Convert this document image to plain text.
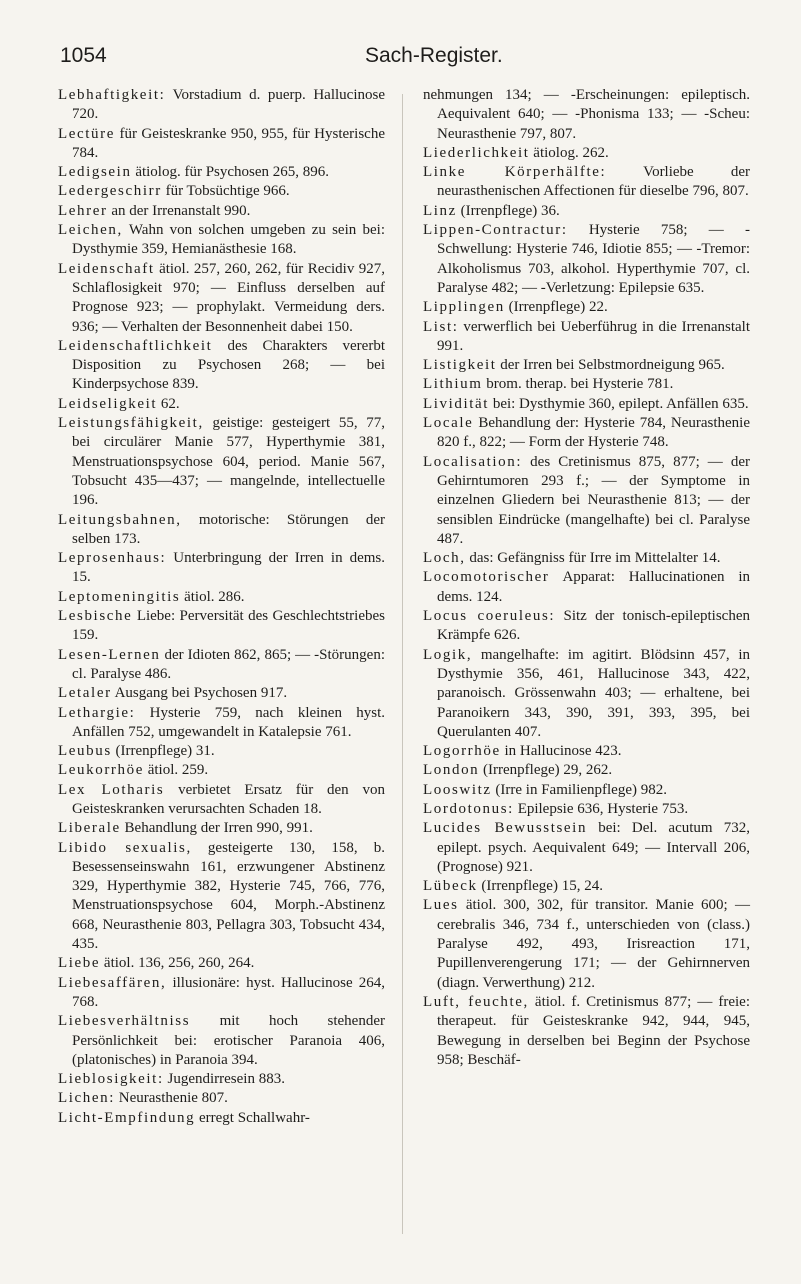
1054	Sach-Register.

Lebhaftigkeit: Vorstadium d. puerp. Hallucinose 720.

Lectüre für Geisteskranke 950, 955, für Hysterische 784.

Ledigsein ätiolog. für Psychosen 265, 896.

Ledergeschirr für Tobsüchtige 966.

Lehrer an der Irrenanstalt 990.

Leichen, Wahn von solchen umgeben zu sein bei: Dysthymie 359, Hemianästhesie 168.

Leidenschaft ätiol. 257, 260, 262, für Recidiv 927, Schlaflosigkeit 970; — Einfluss derselben auf Prognose 923; — prophylakt. Vermeidung ders. 936; — Verhalten der Besonnenheit dabei 150.

Leidenschaftlichkeit des Charakters vererbt Disposition zu Psychosen 268; — bei Kinderpsychose 839.

Leidseligkeit 62.

Leistungsfähigkeit, geistige: gesteigert 55, 77, bei circulärer Manie 577, Hyperthymie 381, Menstruationspsychose 604, period. Manie 567, Tobsucht 435—437; — mangelnde, intellectuelle 196.

Leitungsbahnen, motorische: Störungen der selben 173.

Leprosenhaus: Unterbringung der Irren in dems. 15.

Leptomeningitis ätiol. 286.

Lesbische Liebe: Perversität des Geschlechtstriebes 159.

Lesen-Lernen der Idioten 862, 865; — -Störungen: cl. Paralyse 486.

Letaler Ausgang bei Psychosen 917.

Lethargie: Hysterie 759, nach kleinen hyst. Anfällen 752, umgewandelt in Katalepsie 761.

Leubus (Irrenpflege) 31.

Leukorrhöe ätiol. 259.

Lex Lotharis verbietet Ersatz für den von Geisteskranken verursachten Schaden 18.

Liberale Behandlung der Irren 990, 991.

Libido sexualis, gesteigerte 130, 158, b. Besessenseinswahn 161, erzwungener Abstinenz 329, Hyperthymie 382, Hysterie 745, 766, 776, Menstruationspsychose 604, Morph.-Abstinenz 668, Neurasthenie 803, Pellagra 303, Tobsucht 434, 435.

Liebe ätiol. 136, 256, 260, 264.

Liebesaffären, illusionäre: hyst. Hallucinose 264, 768.

Liebesverhältniss mit hoch stehender Persönlichkeit bei: erotischer Paranoia 406, (platonisches) in Paranoia 394.

Lieblosigkeit: Jugendirresein 883.

Lichen: Neurasthenie 807.

Licht-Empfindung erregt Schallwahr-

nehmungen 134; — -Erscheinungen: epileptisch. Aequivalent 640; — -Phonisma 133; — -Scheu: Neurasthenie 797, 807.

Liederlichkeit ätiolog. 262.

Linke Körperhälfte: Vorliebe der neurasthenischen Affectionen für dieselbe 796, 807.

Linz (Irrenpflege) 36.

Lippen-Contractur: Hysterie 758; — -Schwellung: Hysterie 746, Idiotie 855; — -Tremor: Alkoholismus 703, alkohol. Hyperthymie 707, cl. Paralyse 482; — -Verletzung: Epilepsie 635.

Lipplingen (Irrenpflege) 22.

List: verwerflich bei Ueberführug in die Irrenanstalt 991.

Listigkeit der Irren bei Selbstmordneigung 965.

Lithium brom. therap. bei Hysterie 781.

Lividität bei: Dysthymie 360, epilept. Anfällen 635.

Locale Behandlung der: Hysterie 784, Neurasthenie 820 f., 822; — Form der Hysterie 748.

Localisation: des Cretinismus 875, 877; — der Gehirntumoren 293 f.; — der Symptome in einzelnen Gliedern bei Neurasthenie 813; — der sensiblen Eindrücke (mangelhafte) bei cl. Paralyse 487.

Loch, das: Gefängniss für Irre im Mittelalter 14.

Locomotorischer Apparat: Hallucinationen in dems. 124.

Locus coeruleus: Sitz der tonisch-epileptischen Krämpfe 626.

Logik, mangelhafte: im agitirt. Blödsinn 457, in Dysthymie 356, 461, Hallucinose 343, 422, paranoisch. Grössenwahn 403; — erhaltene, bei Paranoikern 343, 390, 391, 393, 395, bei Querulanten 407.

Logorrhöe in Hallucinose 423.

London (Irrenpflege) 29, 262.

Looswitz (Irre in Familienpflege) 982.

Lordotonus: Epilepsie 636, Hysterie 753.

Lucides Bewusstsein bei: Del. acutum 732, epilept. psych. Aequivalent 649; — Intervall 206, (Prognose) 921.

Lübeck (Irrenpflege) 15, 24.

Lues ätiol. 300, 302, für transitor. Manie 600; — cerebralis 346, 734 f., unterschieden von (class.) Paralyse 492, 493, Irisreaction 171, Pupillenverengerung 171; — der Gehirnnerven (diagn. Verwerthung) 212.

Luft, feuchte, ätiol. f. Cretinismus 877; — freie: therapeut. für Geisteskranke 942, 944, 945, Bewegung in derselben bei Beginn der Psychose 958; Beschäf-
